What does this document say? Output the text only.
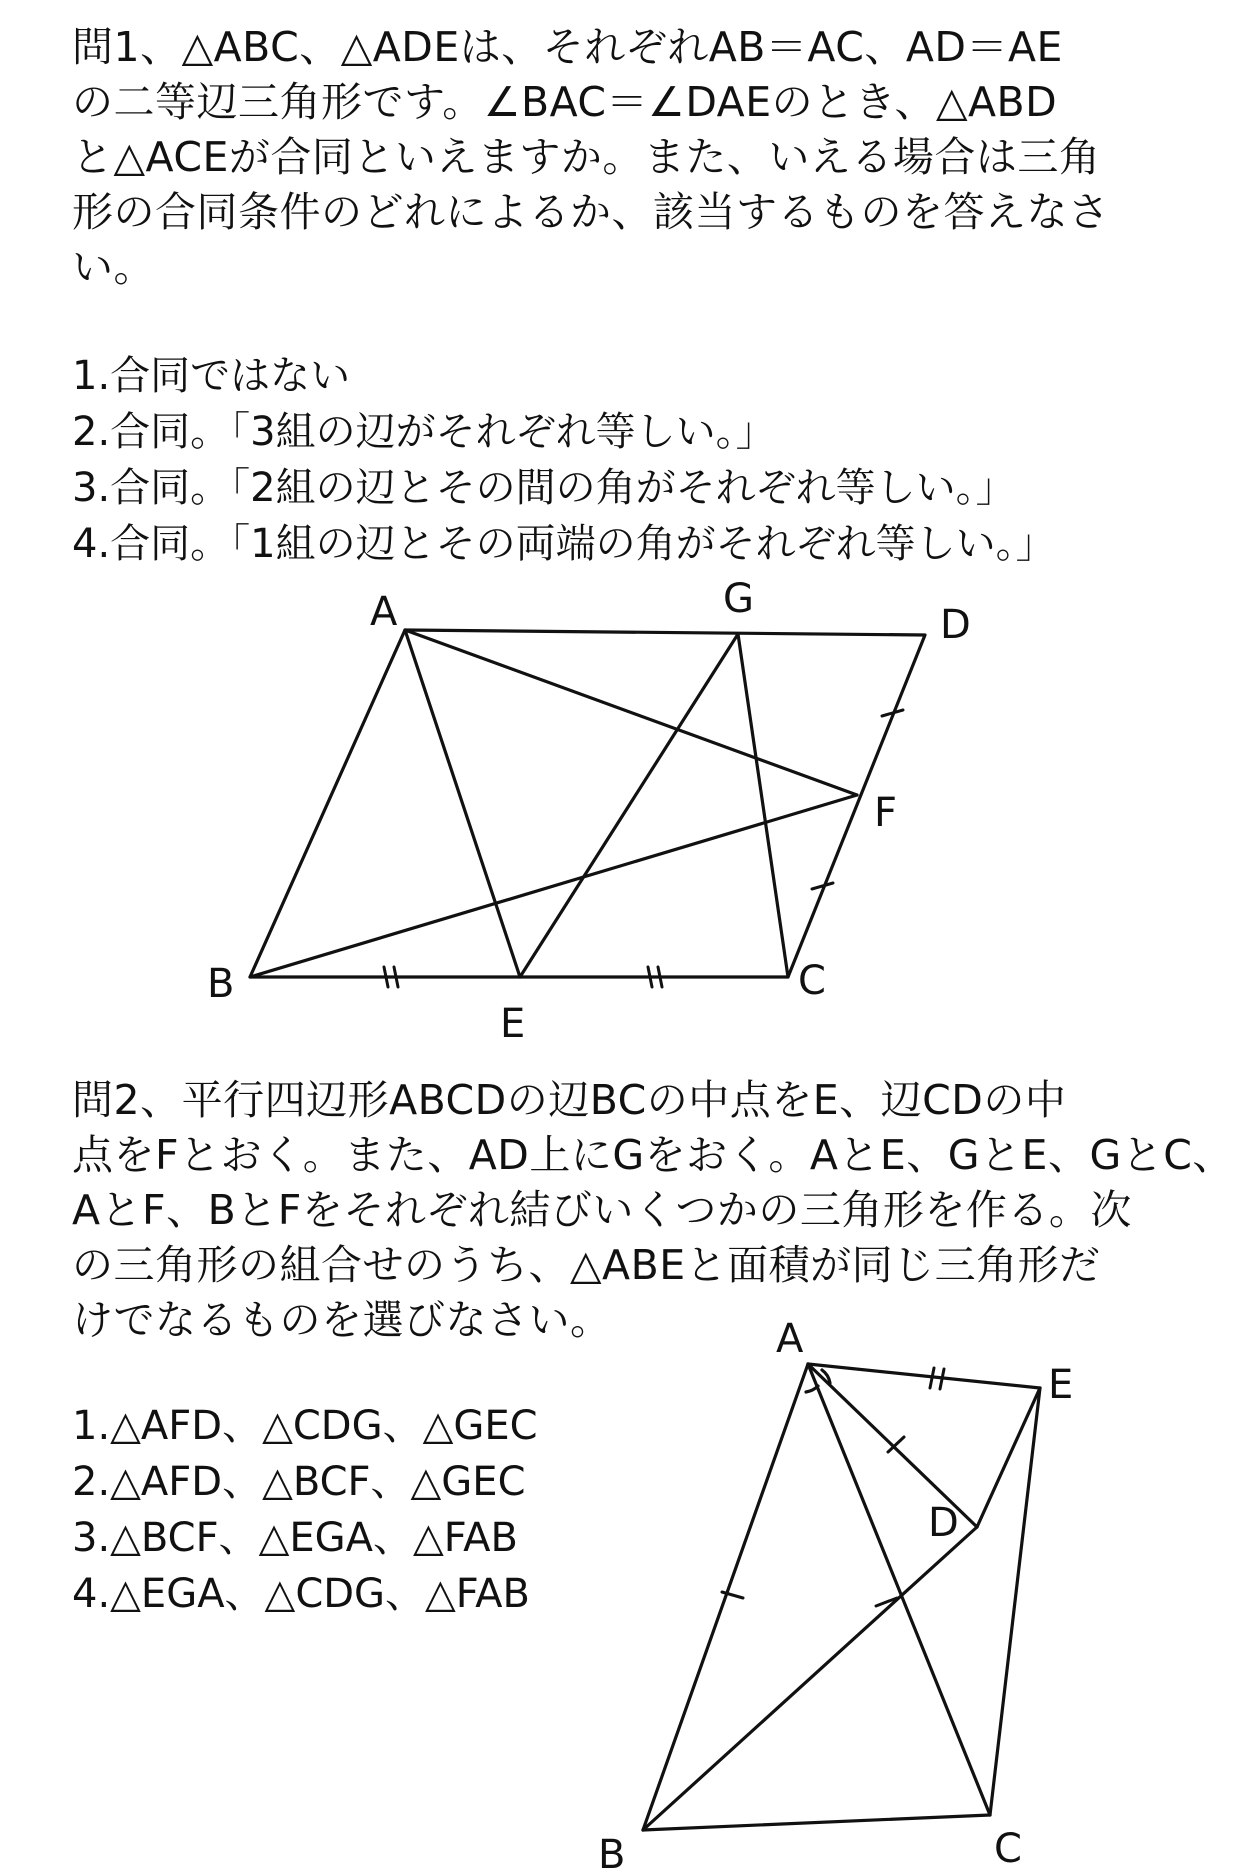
問1、△ABC、△ADEは、それぞれAB＝AC、AD＝AE
の二等辺三角形です。∠BAC＝∠DAEのとき、△ABD
と△ACEが合同といえますか。また、いえる場合は三角
形の合同条件のどれによるか、該当するものを答えなさ
い。
1.合同ではない
2.合同。「3組の辺がそれぞれ等しい。」
3.合同。「2組の辺とその間の角がそれぞれ等しい。」
4.合同。「1組の辺とその両端の角がそれぞれ等しい。」
問2、平行四辺形ABCDの辺BCの中点をE、辺CDの中
点をFとおく。また、AD上にGをおく。AとE、GとE、GとC、
AとF、BとFをそれぞれ結びいくつかの三角形を作る。次
の三角形の組合せのうち、△ABEと面積が同じ三角形だ
けでなるものを選びなさい。
1.△AFD、△CDG、△GEC
2.△AFD、△BCF、△GEC
3.△BCF、△EGA、△FAB
4.△EGA、△CDG、△FAB
A	G
D
F
B
E
C
A
E
D
B	C
